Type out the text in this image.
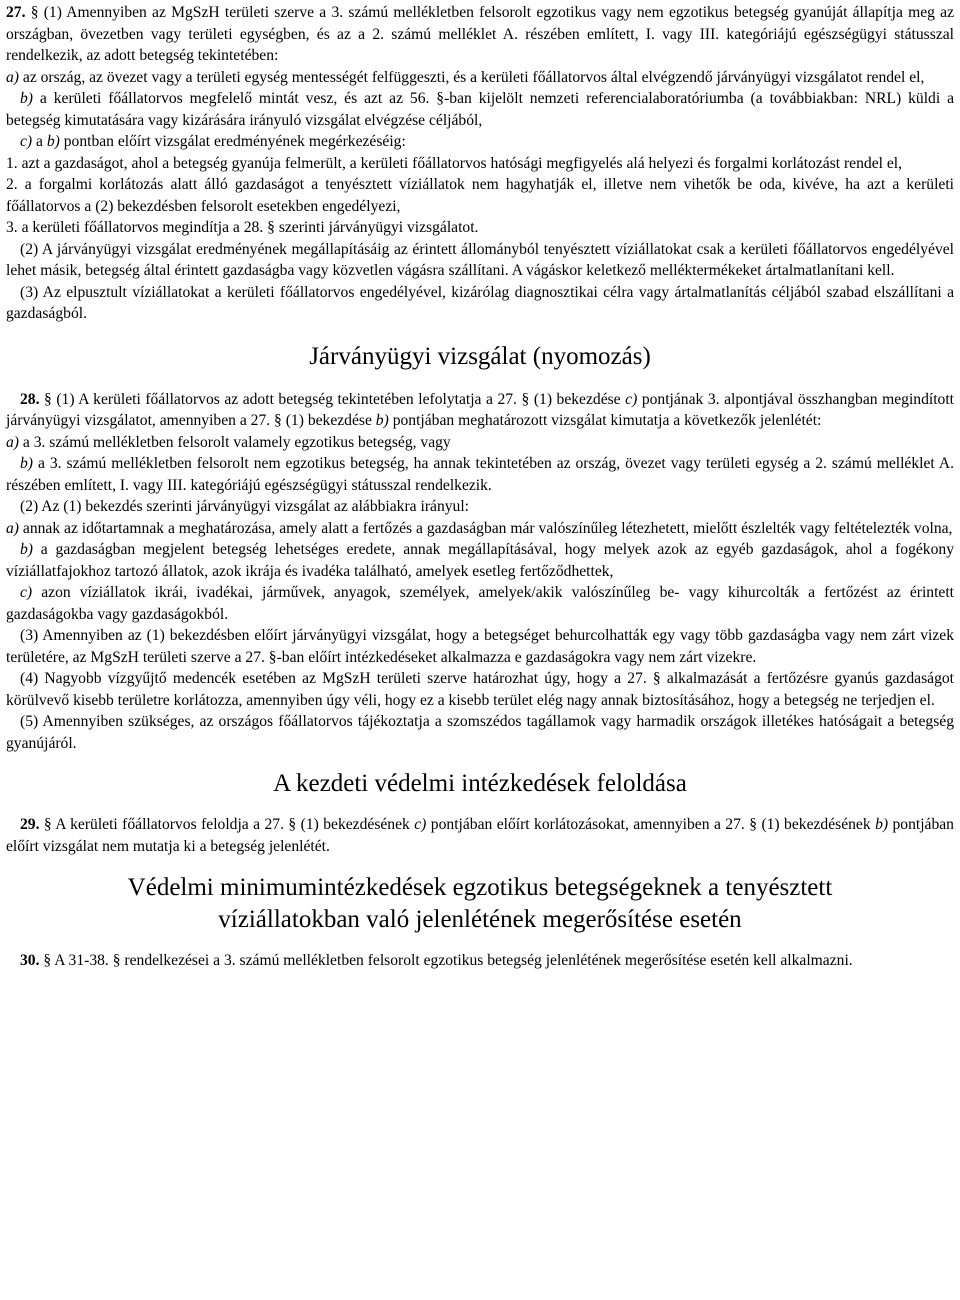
27. § (1) Amennyiben az MgSzH területi szerve a 3. számú mellékletben felsorolt egzotikus vagy nem egzotikus betegség gyanúját állapítja meg az országban, övezetben vagy területi egységben, és az a 2. számú melléklet A. részében említett, I. vagy III. kategóriájú egészségügyi státusszal rendelkezik, az adott betegség tekintetében:

a) az ország, az övezet vagy a területi egység mentességét felfüggeszti, és a kerületi főállatorvos által elvégzendő járványügyi vizsgálatot rendel el,

b) a kerületi főállatorvos megfelelő mintát vesz, és azt az 56. §-ban kijelölt nemzeti referencialaboratóriumba (a továbbiakban: NRL) küldi a betegség kimutatására vagy kizárására irányuló vizsgálat elvégzése céljából,

c) a b) pontban előírt vizsgálat eredményének megérkezéséig:

1. azt a gazdaságot, ahol a betegség gyanúja felmerült, a kerületi főállatorvos hatósági megfigyelés alá helyezi és forgalmi korlátozást rendel el,

2. a forgalmi korlátozás alatt álló gazdaságot a tenyésztett víziállatok nem hagyhatják el, illetve nem vihetők be oda, kivéve, ha azt a kerületi főállatorvos a (2) bekezdésben felsorolt esetekben engedélyezi,

3. a kerületi főállatorvos megindítja a 28. § szerinti járványügyi vizsgálatot.

(2) A járványügyi vizsgálat eredményének megállapításáig az érintett állományból tenyésztett víziállatokat csak a kerületi főállatorvos engedélyével lehet másik, betegség által érintett gazdaságba vagy közvetlen vágásra szállítani. A vágáskor keletkező melléktermékeket ártalmatlanítani kell.

(3) Az elpusztult víziállatokat a kerületi főállatorvos engedélyével, kizárólag diagnosztikai célra vagy ártalmatlanítás céljából szabad elszállítani a gazdaságból.

Járványügyi vizsgálat (nyomozás)

28. § (1) A kerületi főállatorvos az adott betegség tekintetében lefolytatja a 27. § (1) bekezdése c) pontjának 3. alpontjával összhangban megindított járványügyi vizsgálatot, amennyiben a 27. § (1) bekezdése b) pontjában meghatározott vizsgálat kimutatja a következők jelenlétét:

a) a 3. számú mellékletben felsorolt valamely egzotikus betegség, vagy

b) a 3. számú mellékletben felsorolt nem egzotikus betegség, ha annak tekintetében az ország, övezet vagy területi egység a 2. számú melléklet A. részében említett, I. vagy III. kategóriájú egészségügyi státusszal rendelkezik.

(2) Az (1) bekezdés szerinti járványügyi vizsgálat az alábbiakra irányul:

a) annak az időtartamnak a meghatározása, amely alatt a fertőzés a gazdaságban már valószínűleg létezhetett, mielőtt észlelték vagy feltételezték volna,

b) a gazdaságban megjelent betegség lehetséges eredete, annak megállapításával, hogy melyek azok az egyéb gazdaságok, ahol a fogékony víziállatfajokhoz tartozó állatok, azok ikrája és ivadéka található, amelyek esetleg fertőződhettek,

c) azon víziállatok ikrái, ivadékai, járművek, anyagok, személyek, amelyek/akik valószínűleg be- vagy kihurcolták a fertőzést az érintett gazdaságokba vagy gazdaságokból.

(3) Amennyiben az (1) bekezdésben előírt járványügyi vizsgálat, hogy a betegséget behurcolhatták egy vagy több gazdaságba vagy nem zárt vizek területére, az MgSzH területi szerve a 27. §-ban előírt intézkedéseket alkalmazza e gazdaságokra vagy nem zárt vizekre.

(4) Nagyobb vízgyűjtő medencék esetében az MgSzH területi szerve határozhat úgy, hogy a 27. § alkalmazását a fertőzésre gyanús gazdaságot körülvevő kisebb területre korlátozza, amennyiben úgy véli, hogy ez a kisebb terület elég nagy annak biztosításához, hogy a betegség ne terjedjen el.

(5) Amennyiben szükséges, az országos főállatorvos tájékoztatja a szomszédos tagállamok vagy harmadik országok illetékes hatóságait a betegség gyanújáról.

A kezdeti védelmi intézkedések feloldása

29. § A kerületi főállatorvos feloldja a 27. § (1) bekezdésének c) pontjában előírt korlátozásokat, amennyiben a 27. § (1) bekezdésének b) pontjában előírt vizsgálat nem mutatja ki a betegség jelenlétét.

Védelmi minimumintézkedések egzotikus betegségeknek a tenyésztett
víziállatokban való jelenlétének megerősítése esetén

30. § A 31-38. § rendelkezései a 3. számú mellékletben felsorolt egzotikus betegség jelenlétének megerősítése esetén kell alkalmazni.
